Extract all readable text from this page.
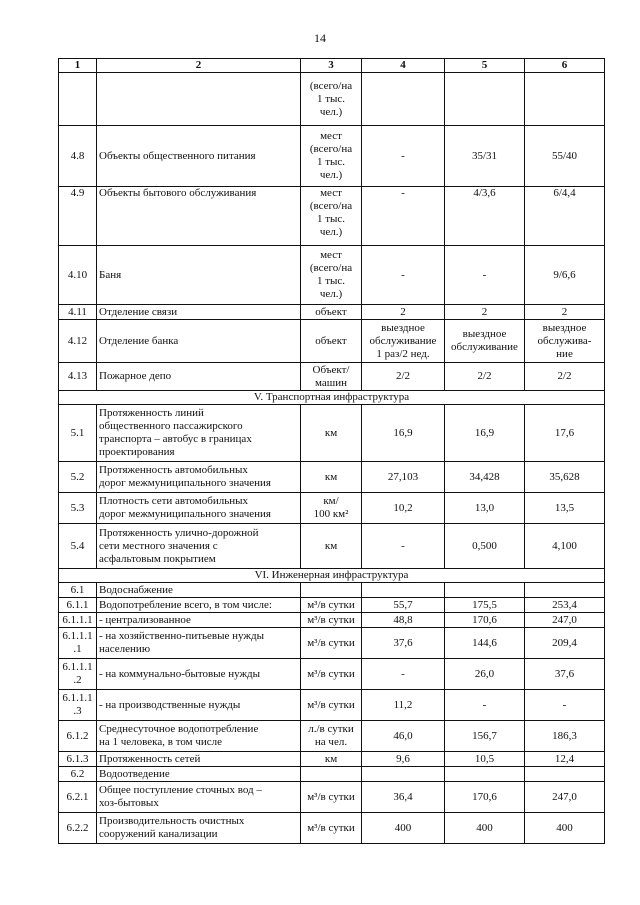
14
1	2	3	4	5	6

		(всего/на
1 тыс.
чел.)			

4.8	Объекты общественного питания	мест
(всего/на
1 тыс.
чел.)	-	35/31	55/40

4.9	Объекты бытового обслуживания	мест
(всего/на
1 тыс.
чел.)	-	4/3,6	6/4,4

4.10	Баня	мест
(всего/на
1 тыс.
чел.)	-	-	9/6,6

4.11	Отделение связи	объект	2	2	2

4.12	Отделение банка	объект	выездное
обслуживание
1 раз/2 нед.	выездное
обслуживание	выездное
обслужива-
ние

4.13	Пожарное депо	Объект/
машин	2/2	2/2	2/2

V. Транспортная инфраструктура					

5.1	Протяженность линий
общественного пассажирского
транспорта – автобус в границах
проектирования	км	16,9	16,9	17,6

5.2	Протяженность автомобильных
дорог межмуниципального значения	км	27,103	34,428	35,628

5.3	Плотность сети автомобильных
дорог межмуниципального значения	км/
100 км²	10,2	13,0	13,5

5.4	Протяженность улично-дорожной
сети местного значения с
асфальтовым покрытием	км	-	0,500	4,100

VI. Инженерная инфраструктура					

6.1	Водоснабжение				

6.1.1	Водопотребление всего, в том числе:	м³/в сутки	55,7	175,5	253,4

6.1.1.1	- централизованное	м³/в сутки	48,8	170,6	247,0

6.1.1.1
.1	- на хозяйственно-питьевые нужды
населению	м³/в сутки	37,6	144,6	209,4

6.1.1.1
.2	- на коммунально-бытовые нужды	м³/в сутки	-	26,0	37,6

6.1.1.1
.3	- на производственные нужды	м³/в сутки	11,2	-	-

6.1.2	Среднесуточное водопотребление
на 1 человека, в том числе	л./в сутки
на чел.	46,0	156,7	186,3

6.1.3	Протяженность сетей	км	9,6	10,5	12,4

6.2	Водоотведение				

6.2.1	Общее поступление сточных вод –
хоз-бытовых	м³/в сутки	36,4	170,6	247,0

6.2.2	Производительность очистных
сооружений канализации	м³/в сутки	400	400	400
